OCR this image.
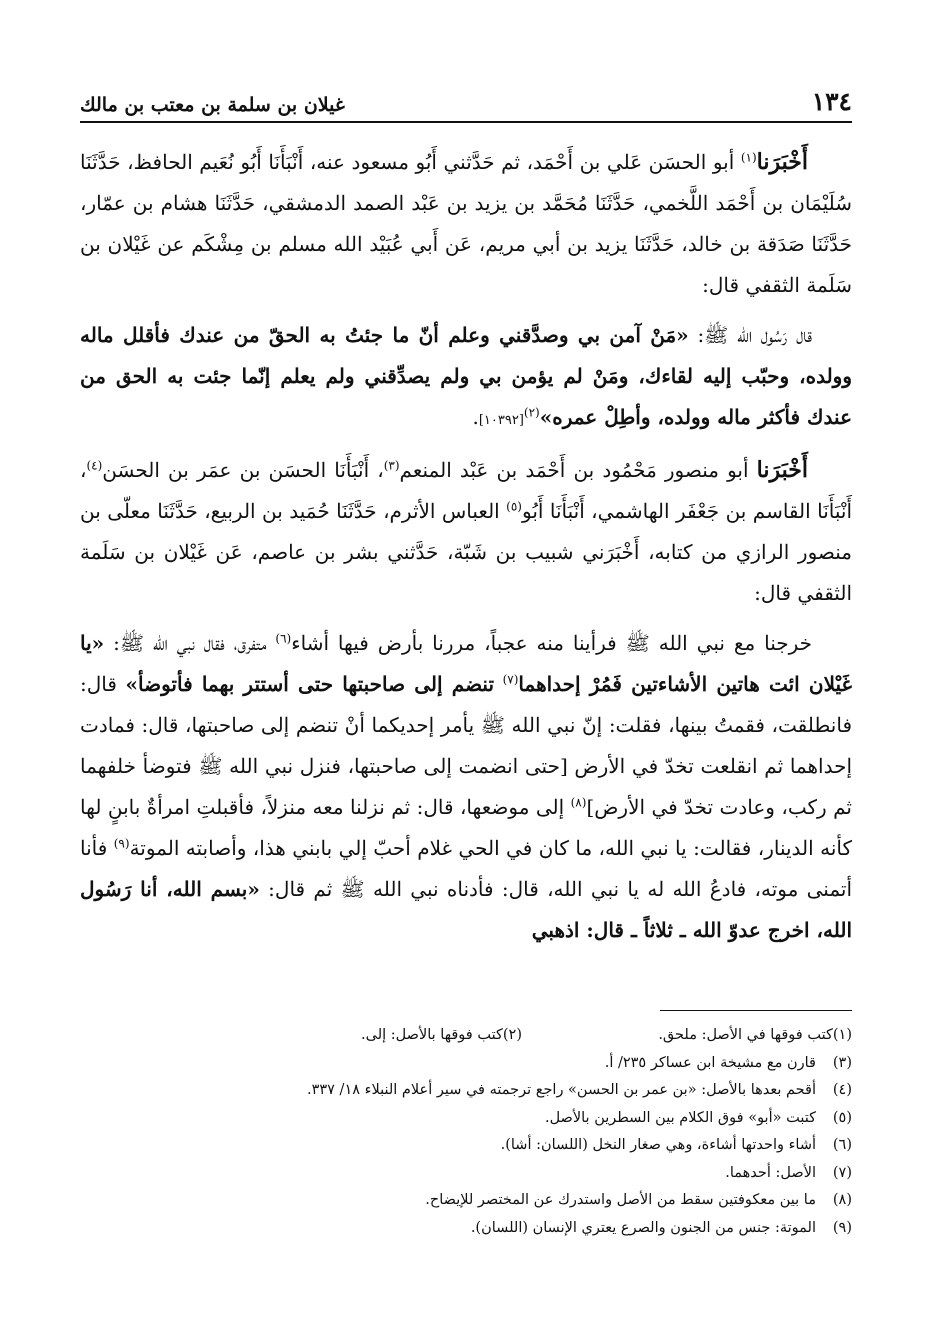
١٣٤
غيلان بن سلمة بن معتب بن مالك

أَخْبَرَنا$^{(١)}$ أبو الحسَن عَلي بن أَحْمَد، ثم حَدَّثني أَبُو مسعود عنه، أَنْبَأَنَا أَبُو نُعَيم الحافظ، حَدَّثَنَا سُلَيْمَان بن أَحْمَد اللَّخمي، حَدَّثَنَا مُحَمَّد بن يزيد بن عَبْد الصمد الدمشقي، حَدَّثَنَا هشام بن عمّار، حَدَّثَنَا صَدَقة بن خالد، حَدَّثَنَا يزيد بن أبي مريم، عَن أَبي عُبَيْد الله مسلم بن مِشْكَم عن غَيْلان بن سَلَمة الثقفي قال:

قال رَسُول الله ﷺ: «مَنْ آمن بي وصدَّقني وعلم أنّ ما جئتُ به الحقّ من عندك فأقلل ماله وولده، وحبّب إليه لقاءك، ومَنْ لم يؤمن بي ولم يصدِّقني ولم يعلم إنّما جئت به الحق من عندك فأكثر ماله وولده، وأطِلْ عمره»$^{(٢)}$[١٠٣٩٢].

أَخْبَرَنا أبو منصور مَحْمُود بن أَحْمَد بن عَبْد المنعم$^{(٣)}$، أَنْبَأَنَا الحسَن بن عمَر بن الحسَن$^{(٤)}$، أَنْبَأَنَا القاسم بن جَعْفَر الهاشمي، أَنْبَأَنَا أَبُو$^{(٥)}$ العباس الأثرم، حَدَّثَنَا حُمَيد بن الربيع، حَدَّثَنَا معلّى بن منصور الرازي من كتابه، أَخْبَرَني شبيب بن شَبّة، حَدَّثني بشر بن عاصم، عَن غَيْلان بن سَلَمة الثقفي قال:

خرجنا مع نبي الله ﷺ فرأينا منه عجباً، مررنا بأرض فيها أشاء$^{(٦)}$ متفرق، فقال نبي الله ﷺ: «يا غَيْلان ائت هاتين الأشاءتين فَمُرْ إحداهما$^{(٧)}$ تنضم إلى صاحبتها حتى أستتر بهما فأتوضأ» قال: فانطلقت، فقمتُ بينها، فقلت: إنّ نبي الله ﷺ يأمر إحديكما أنْ تنضم إلى صاحبتها، قال: فمادت إحداهما ثم انقلعت تخدّ في الأرض [حتى انضمت إلى صاحبتها، فنزل نبي الله ﷺ فتوضأ خلفهما ثم ركب، وعادت تخدّ في الأرض]$^{(٨)}$ إلى موضعها، قال: ثم نزلنا معه منزلاً، فأقبلتِ امرأةٌ بابنٍ لها كأنه الدينار، فقالت: يا نبي الله، ما كان في الحي غلام أحبّ إلي بابني هذا، وأصابته الموتة$^{(٩)}$ فأنا أتمنى موته، فادعُ الله له يا نبي الله، قال: فأدناه نبي الله ﷺ ثم قال: «بسم الله، أنا رَسُول الله، اخرج عدوّ الله ـ ثلاثاً ـ قال: اذهبي

(١)
كتب فوقها في الأصل: ملحق.
(٢)
كتب فوقها بالأصل: إلى.
(٣)
قارن مع مشيخة ابن عساكر ٢٣٥/ أ.
(٤)
أقحم بعدها بالأصل: «بن عمر بن الحسن» راجع ترجمته في سير أعلام النبلاء ١٨/ ٣٣٧.
(٥)
كتبت «أبو» فوق الكلام بين السطرين بالأصل.
(٦)
أشاء واحدتها أشاءة، وهي صغار النخل (اللسان: أشا).
(٧)
الأصل: أحدهما.
(٨)
ما بين معكوفتين سقط من الأصل واستدرك عن المختصر للإيضاح.
(٩)
الموتة: جنس من الجنون والصرع يعتري الإنسان (اللسان).
